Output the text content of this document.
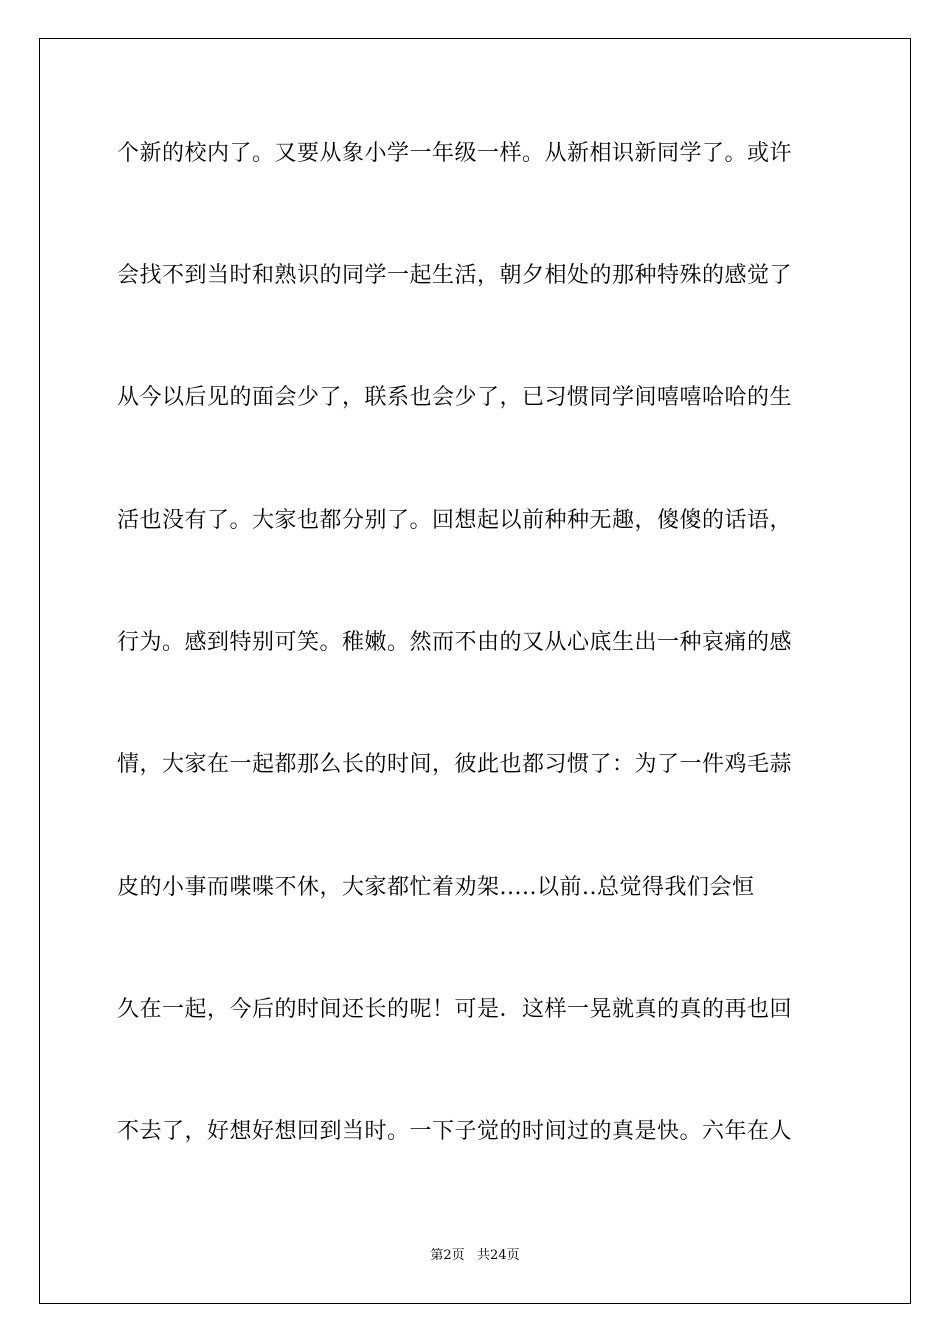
个新的校内了。又要从象小学一年级一样。从新相识新同学了。或许
会找不到当时和熟识的同学一起生活，朝夕相处的那种特殊的感觉了
从今以后见的面会少了，联系也会少了，已习惯同学间嘻嘻哈哈的生
活也没有了。大家也都分别了。回想起以前种种无趣，傻傻的话语，
行为。感到特别可笑。稚嫩。然而不由的又从心底生出一种哀痛的感
情，大家在一起都那么长的时间，彼此也都习惯了：为了一件鸡毛蒜
皮的小事而喋喋不休，大家都忙着劝架.....以前..总觉得我们会恒
久在一起，今后的时间还长的呢！可是．这样一晃就真的真的再也回
不去了，好想好想回到当时。一下子觉的时间过的真是快。六年在人
第2页   共24页
